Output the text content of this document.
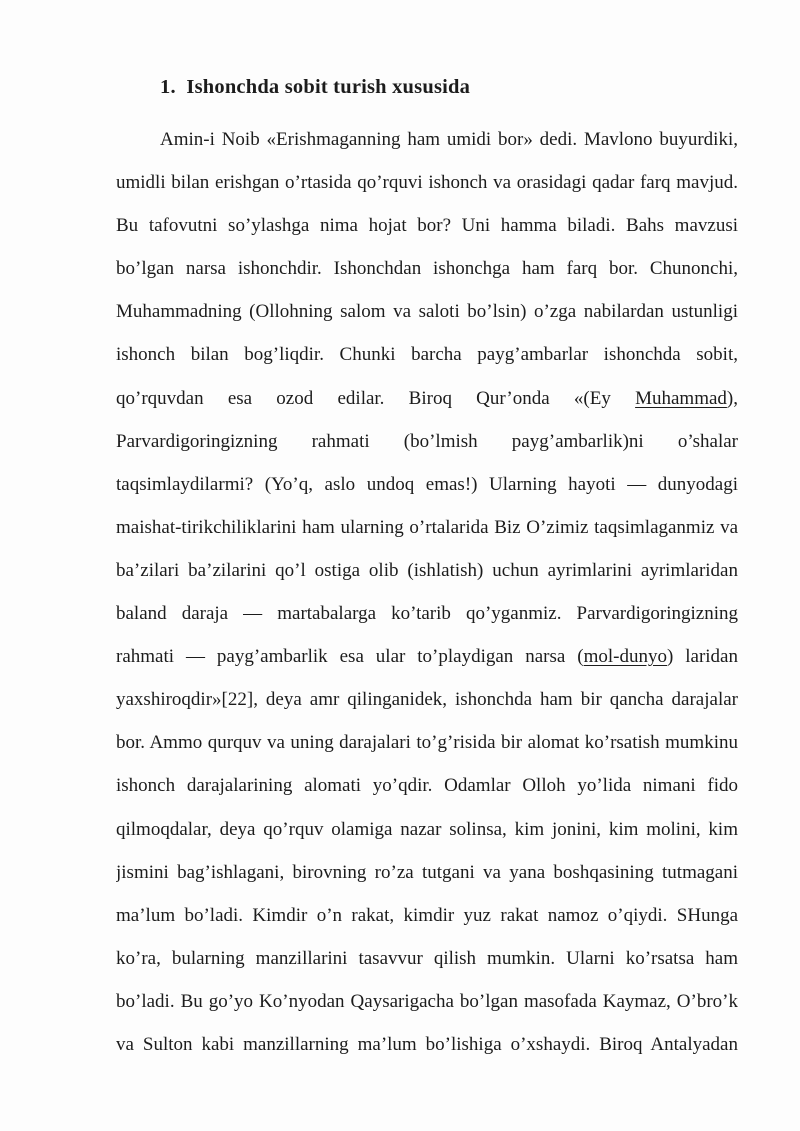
1.  Ishonchda sobit turish xususida
Amin-i Noib «Erishmaganning ham umidi bor» dedi. Mavlono buyurdiki,
umidli bilan erishgan o’rtasida qo’rquvi ishonch va orasidagi qadar farq mavjud.
Bu tafovutni so’ylashga nima hojat bor? Uni hamma biladi. Bahs mavzusi
bo’lgan narsa ishonchdir. Ishonchdan ishonchga ham farq bor. Chunonchi,
Muhammadning (Ollohning salom va saloti bo’lsin) o’zga nabilardan ustunligi
ishonch bilan bog’liqdir. Chunki barcha payg’ambarlar ishonchda sobit,
qo’rquvdan esa ozod edilar. Biroq Qur’onda «(Ey Muhammad),
Parvardigoringizning rahmati (bo’lmish payg’ambarlik)ni o’shalar
taqsimlaydilarmi? (Yo’q, aslo undoq emas!) Ularning hayoti — dunyodagi
maishat-tirikchiliklarini ham ularning o’rtalarida Biz O’zimiz taqsimlaganmiz va
ba’zilari ba’zilarini qo’l ostiga olib (ishlatish) uchun ayrimlarini ayrimlaridan
baland daraja — martabalarga ko’tarib qo’yganmiz. Parvardigoringizning
rahmati — payg’ambarlik esa ular to’playdigan narsa (mol-dunyo) laridan
yaxshiroqdir»[22], deya amr qilinganidek, ishonchda ham bir qancha darajalar
bor. Ammo qurquv va uning darajalari to’g’risida bir alomat ko’rsatish mumkinu
ishonch darajalarining alomati yo’qdir. Odamlar Olloh yo’lida nimani fido
qilmoqdalar, deya qo’rquv olamiga nazar solinsa, kim jonini, kim molini, kim
jismini bag’ishlagani, birovning ro’za tutgani va yana boshqasining tutmagani
ma’lum bo’ladi. Kimdir o’n rakat, kimdir yuz rakat namoz o’qiydi. SHunga
ko’ra, bularning manzillarini tasavvur qilish mumkin. Ularni ko’rsatsa ham
bo’ladi. Bu go’yo Ko’nyodan Qaysarigacha bo’lgan masofada Kaymaz, O’bro’k
va Sulton kabi manzillarning ma’lum bo’lishiga o’xshaydi. Biroq Antalyadan
